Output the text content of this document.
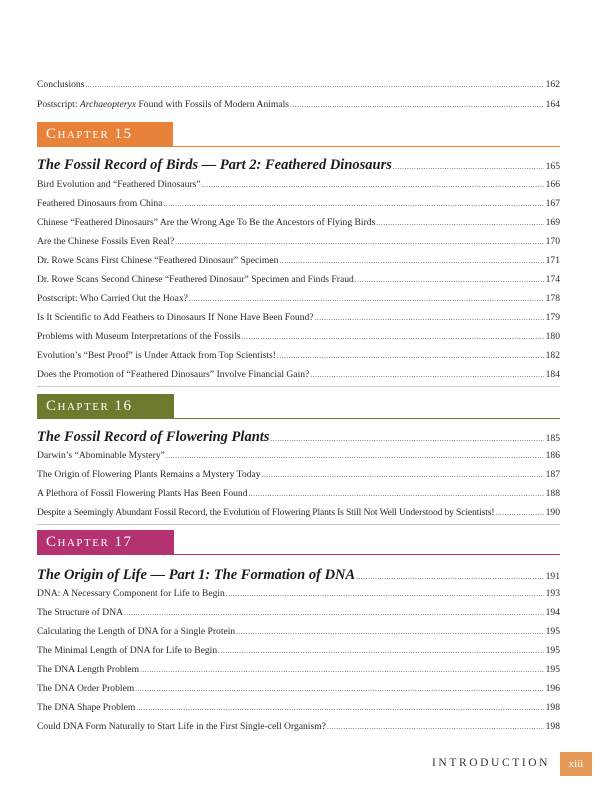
Conclusions .....	162
Postscript: Archaeopteryx Found with Fossils of Modern Animals .....	164
Chapter 15
The Fossil Record of Birds — Part 2: Feathered Dinosaurs .....	165
Bird Evolution and “Feathered Dinosaurs” .....	166
Feathered Dinosaurs from China .....	167
Chinese “Feathered Dinosaurs” Are the Wrong Age To Be the Ancestors of Flying Birds .....	169
Are the Chinese Fossils Even Real? .....	170
Dr. Rowe Scans First Chinese “Feathered Dinosaur” Specimen .....	171
Dr. Rowe Scans Second Chinese “Feathered Dinosaur” Specimen and Finds Fraud .....	174
Postscript: Who Carried Out the Hoax? .....	178
Is It Scientific to Add Feathers to Dinosaurs If None Have Been Found? .....	179
Problems with Museum Interpretations of the Fossils .....	180
Evolution’s “Best Proof” is Under Attack from Top Scientists! .....	182
Does the Promotion of “Feathered Dinosaurs” Involve Financial Gain? .....	184
Chapter 16
The Fossil Record of Flowering Plants .....	185
Darwin’s “Abominable Mystery” .....	186
The Origin of Flowering Plants Remains a Mystery Today .....	187
A Plethora of Fossil Flowering Plants Has Been Found .....	188
Despite a Seemingly Abundant Fossil Record, the Evolution of Flowering Plants Is Still Not Well Understood by Scientists! .....	190
Chapter 17
The Origin of Life — Part 1: The Formation of DNA .....	191
DNA: A Necessary Component for Life to Begin .....	193
The Structure of DNA .....	194
Calculating the Length of DNA for a Single Protein .....	195
The Minimal Length of DNA for Life to Begin .....	195
The DNA Length Problem .....	195
The DNA Order Problem .....	196
The DNA Shape Problem .....	198
Could DNA Form Naturally to Start Life in the First Single-cell Organism? .....	198
INTRODUCTION	xiii
